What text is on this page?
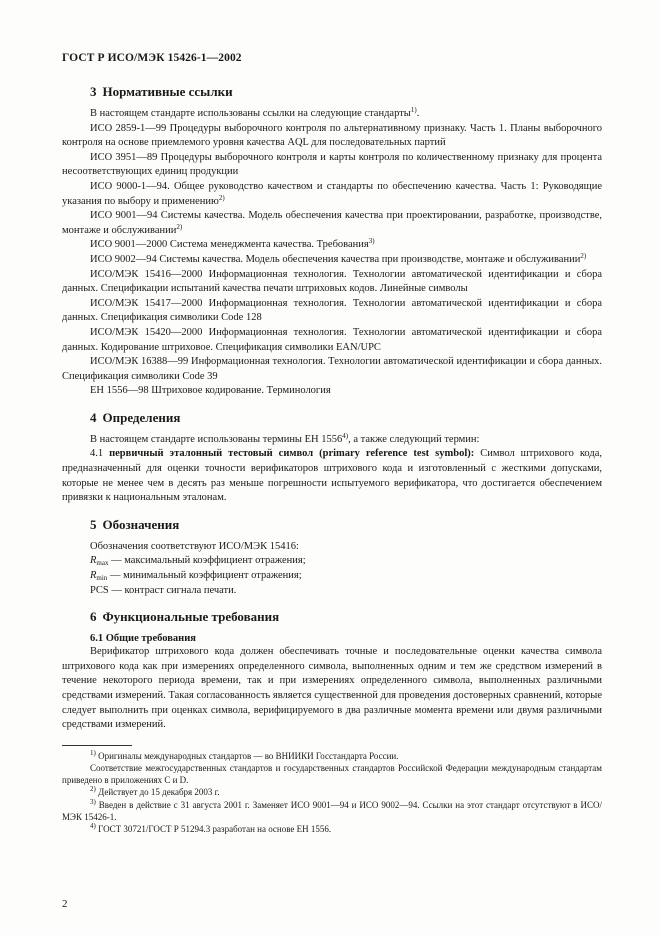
ГОСТ Р ИСО/МЭК 15426-1—2002
3 Нормативные ссылки

В настоящем стандарте использованы ссылки на следующие стандарты$^{1)}$.

ИСО 2859-1—99 Процедуры выборочного контроля по альтернативному признаку. Часть 1. Планы выборочного контроля на основе приемлемого уровня качества AQL для последовательных партий

ИСО 3951—89 Процедуры выборочного контроля и карты контроля по количественному признаку для процента несоответствующих единиц продукции

ИСО 9000-1—94. Общее руководство качеством и стандарты по обеспечению качества. Часть 1: Руководящие указания по выбору и применению$^{2)}$

ИСО 9001—94 Системы качества. Модель обеспечения качества при проектировании, разработке, производстве, монтаже и обслуживании$^{2)}$

ИСО 9001—2000 Система менеджмента качества. Требования$^{3)}$

ИСО 9002—94 Системы качества. Модель обеспечения качества при производстве, монтаже и обслуживании$^{2)}$

ИСО/МЭК 15416—2000 Информационная технология. Технологии автоматической идентификации и сбора данных. Спецификации испытаний качества печати штриховых кодов. Линейные символы

ИСО/МЭК 15417—2000 Информационная технология. Технологии автоматической идентификации и сбора данных. Спецификация символики Code 128

ИСО/МЭК 15420—2000 Информационная технология. Технологии автоматической идентификации и сбора данных. Кодирование штриховое. Спецификация символики EAN/UPC

ИСО/МЭК 16388—99 Информационная технология. Технологии автоматической идентификации и сбора данных. Спецификация символики Code 39

ЕН 1556—98 Штриховое кодирование. Терминология

4 Определения

В настоящем стандарте использованы термины ЕН 1556$^{4)}$, а также следующий термин:

4.1 первичный эталонный тестовый символ (primary reference test symbol): Символ штрихового кода, предназначенный для оценки точности верификаторов штрихового кода и изготовленный с жесткими допусками, которые не менее чем в десять раз меньше погрешности испытуемого верификатора, что достигается обеспечением привязки к национальным эталонам.

5 Обозначения

Обозначения соответствуют ИСО/МЭК 15416:

$R_{max}$ — максимальный коэффициент отражения;

$R_{min}$ — минимальный коэффициент отражения;

PCS — контраст сигнала печати.

6 Функциональные требования
6.1 Общие требования

Верификатор штрихового кода должен обеспечивать точные и последовательные оценки качества символа штрихового кода как при измерениях определенного символа, выполненных одним и тем же средством измерений в течение некоторого периода времени, так и при измерениях определенного символа, выполненных различными средствами измерений. Такая согласованность является существенной для проведения достоверных сравнений, которые следует выполнить при оценках символа, верифицируемого в два различные момента времени или двумя различными средствами измерений.

$^{1)}$ Оригиналы международных стандартов — во ВНИИКИ Госстандарта России.

Соответствие межгосударственных стандартов и государственных стандартов Российской Федерации международным стандартам приведено в приложениях C и D.

$^{2)}$ Действует до 15 декабря 2003 г.

$^{3)}$ Введен в действие с 31 августа 2001 г. Заменяет ИСО 9001—94 и ИСО 9002—94. Ссылки на этот стандарт отсутствуют в ИСО/МЭК 15426-1.

$^{4)}$ ГОСТ 30721/ГОСТ Р 51294.3 разработан на основе ЕН 1556.

2
